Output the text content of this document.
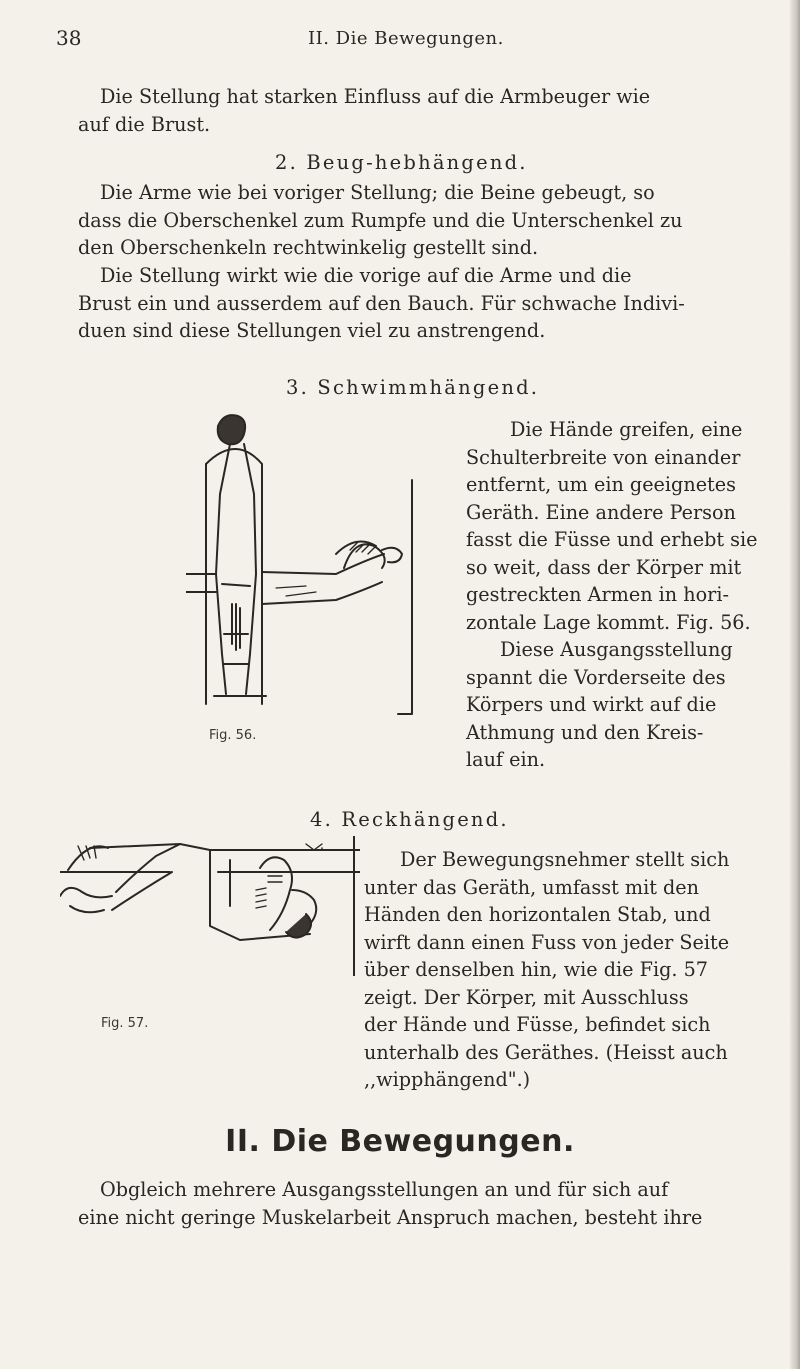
38	II. Die Bewegungen.
Die Stellung hat starken Einfluss auf die Armbeuger wie
auf die Brust.
2. Beug-hebhängend.
Die Arme wie bei voriger Stellung; die Beine gebeugt, so
dass die Oberschenkel zum Rumpfe und die Unterschenkel zu
den Oberschenkeln rechtwinkelig gestellt sind.
Die Stellung wirkt wie die vorige auf die Arme und die
Brust ein und ausserdem auf den Bauch. Für schwache Indivi-
duen sind diese Stellungen viel zu anstrengend.
3. Schwimmhängend.
Fig. 56.
Die Hände greifen, eine
Schulterbreite von einander
entfernt, um ein geeignetes
Geräth. Eine andere Person
fasst die Füsse und erhebt sie
so weit, dass der Körper mit
gestreckten Armen in hori-
zontale Lage kommt. Fig. 56.
Diese Ausgangsstellung
spannt die Vorderseite des
Körpers und wirkt auf die
Athmung und den Kreis-
lauf ein.
4. Reckhängend.
Fig. 57.
Der Bewegungsnehmer stellt sich
unter das Geräth, umfasst mit den
Händen den horizontalen Stab, und
wirft dann einen Fuss von jeder Seite
über denselben hin, wie die Fig. 57
zeigt. Der Körper, mit Ausschluss
der Hände und Füsse, befindet sich
unterhalb des Geräthes. (Heisst auch
,,wipphängend".)
II. Die Bewegungen.
Obgleich mehrere Ausgangsstellungen an und für sich auf
eine nicht geringe Muskelarbeit Anspruch machen, besteht ihre
